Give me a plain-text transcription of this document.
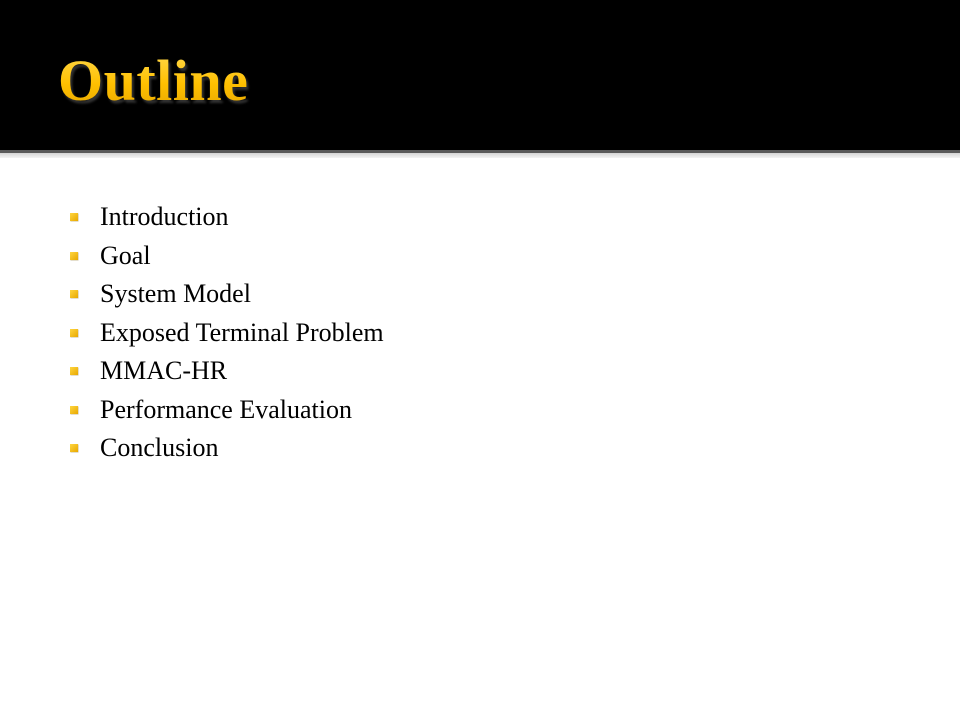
Outline
Introduction
Goal
System Model
Exposed Terminal Problem
MMAC-HR
Performance Evaluation
Conclusion
